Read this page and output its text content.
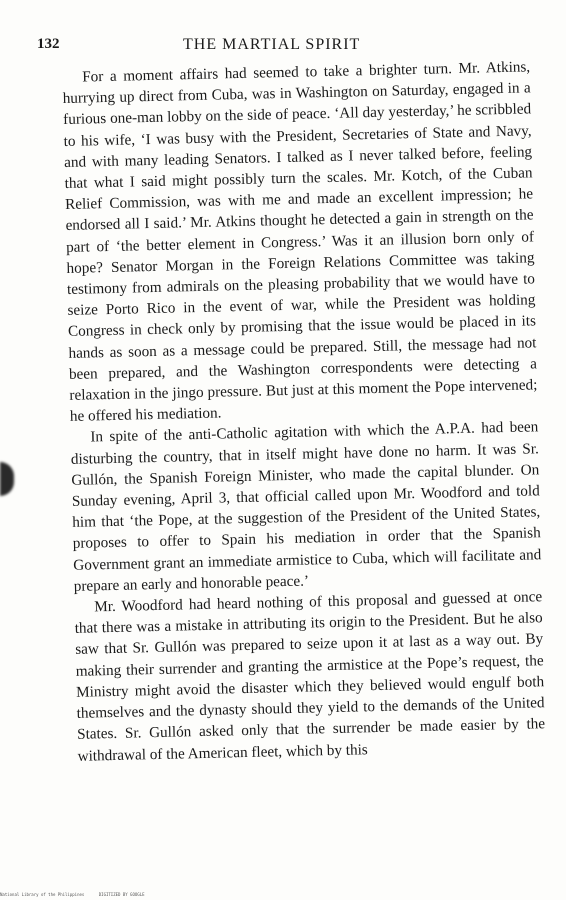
132	THE MARTIAL SPIRIT

For a moment affairs had seemed to take a brighter turn. Mr. Atkins, hurrying up direct from Cuba, was in Washington on Saturday, engaged in a furious one-man lobby on the side of peace. ‘All day yesterday,’ he scribbled to his wife, ‘I was busy with the President, Secretaries of State and Navy, and with many leading Senators. I talked as I never talked before, feeling that what I said might possibly turn the scales. Mr. Kotch, of the Cuban Relief Commission, was with me and made an excellent impression; he endorsed all I said.’ Mr. Atkins thought he detected a gain in strength on the part of ‘the better element in Congress.’ Was it an illusion born only of hope? Senator Morgan in the Foreign Relations Committee was taking testimony from admirals on the pleasing probability that we would have to seize Porto Rico in the event of war, while the President was holding Congress in check only by promising that the issue would be placed in its hands as soon as a message could be prepared. Still, the message had not been prepared, and the Washington correspondents were detecting a relaxation in the jingo pressure. But just at this moment the Pope intervened; he offered his mediation.

In spite of the anti-Catholic agitation with which the A.P.A. had been disturbing the country, that in itself might have done no harm. It was Sr. Gullón, the Spanish Foreign Minister, who made the capital blunder. On Sunday evening, April 3, that official called upon Mr. Woodford and told him that ‘the Pope, at the suggestion of the President of the United States, proposes to offer to Spain his mediation in order that the Spanish Government grant an immediate armistice to Cuba, which will facilitate and prepare an early and honorable peace.’

Mr. Woodford had heard nothing of this proposal and guessed at once that there was a mistake in attributing its origin to the President. But he also saw that Sr. Gullón was prepared to seize upon it at last as a way out. By making their surrender and granting the armistice at the Pope’s request, the Ministry might avoid the disaster which they believed would engulf both themselves and the dynasty should they yield to the demands of the United States. Sr. Gullón asked only that the surrender be made easier by the withdrawal of the American fleet, which by this

National Library of the Philippines	DIGITIZED BY GOOGLE
